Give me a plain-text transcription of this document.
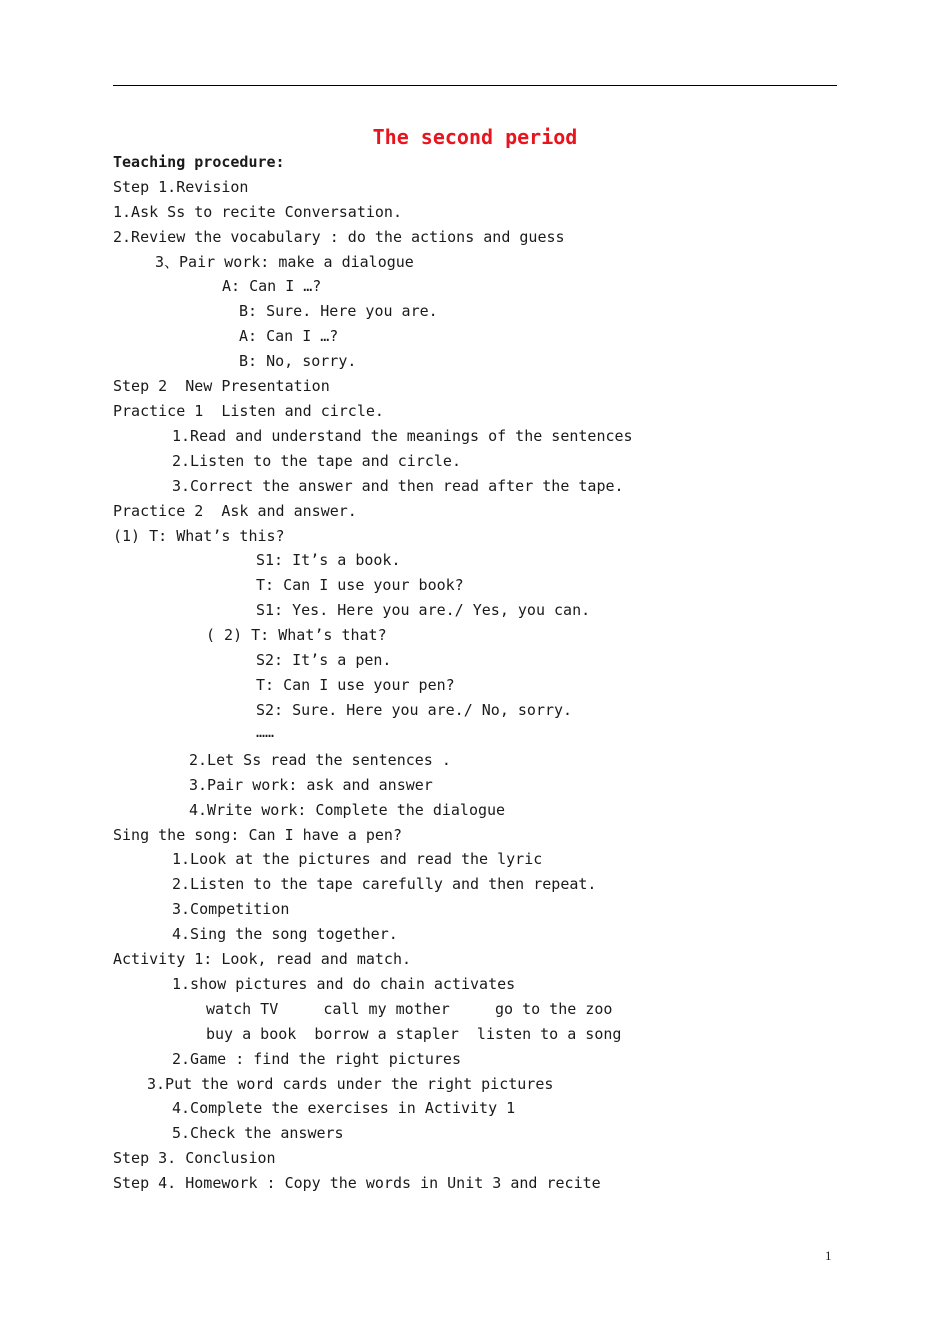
The second period
Teaching procedure:
Step 1.Revision
1.Ask Ss to recite Conversation.
2.Review the vocabulary : do the actions and guess
3、Pair work: make a dialogue
A: Can I …?
B: Sure. Here you are.
A: Can I …?
B: No, sorry.
Step 2  New Presentation
Practice 1  Listen and circle.
1.Read and understand the meanings of the sentences
2.Listen to the tape and circle.
3.Correct the answer and then read after the tape.
Practice 2  Ask and answer.
(1) T: What’s this?
S1: It’s a book.
T: Can I use your book?
S1: Yes. Here you are./ Yes, you can.
( 2) T: What’s that?
S2: It’s a pen.
T: Can I use your pen?
S2: Sure. Here you are./ No, sorry.
……
2.Let Ss read the sentences .
3.Pair work: ask and answer
4.Write work: Complete the dialogue
Sing the song: Can I have a pen?
1.Look at the pictures and read the lyric
2.Listen to the tape carefully and then repeat.
3.Competition
4.Sing the song together.
Activity 1: Look, read and match.
1.show pictures and do chain activates
watch TV     call my mother     go to the zoo
buy a book  borrow a stapler  listen to a song
2.Game : find the right pictures
3.Put the word cards under the right pictures
4.Complete the exercises in Activity 1
5.Check the answers
Step 3. Conclusion
Step 4. Homework : Copy the words in Unit 3 and recite
1
